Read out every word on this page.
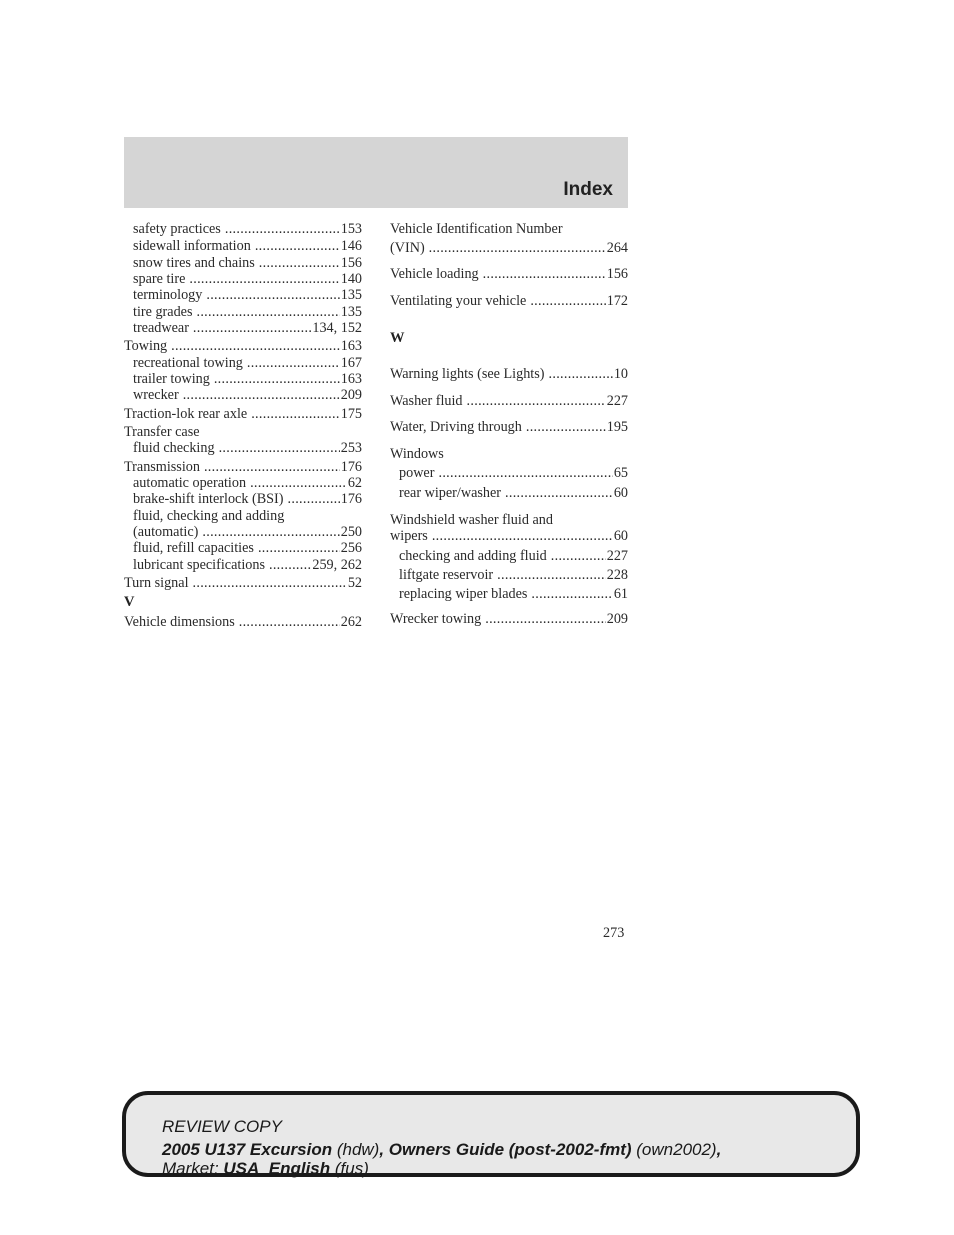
Index
safety practices .....	153
sidewall information .....	146
snow tires and chains .....	156
spare tire .....	140
terminology .....	135
tire grades .....	135
treadwear .....	134, 152
Towing .....	163
recreational towing .....	167
trailer towing .....	163
wrecker .....	209
Traction-lok rear axle .....	175
Transfer case
fluid checking .....	253
Transmission .....	176
automatic operation .....	62
brake-shift interlock (BSI) .....	176
fluid, checking and adding
(automatic) .....	250
fluid, refill capacities .....	256
lubricant specifications .....	259, 262
Turn signal .....	52
V
Vehicle dimensions .....	262
Vehicle Identification Number
(VIN) .....	264
Vehicle loading .....	156
Ventilating your vehicle .....	172
W
Warning lights (see Lights) .....	10
Washer fluid .....	227
Water, Driving through .....	195
Windows
power .....	65
rear wiper/washer .....	60
Windshield washer fluid and
wipers .....	60
checking and adding fluid .....	227
liftgate reservoir .....	228
replacing wiper blades .....	61
Wrecker towing .....	209
273
REVIEW COPY
2005 U137 Excursion (hdw), Owners Guide (post-2002-fmt) (own2002),
Market: USA_English (fus)
